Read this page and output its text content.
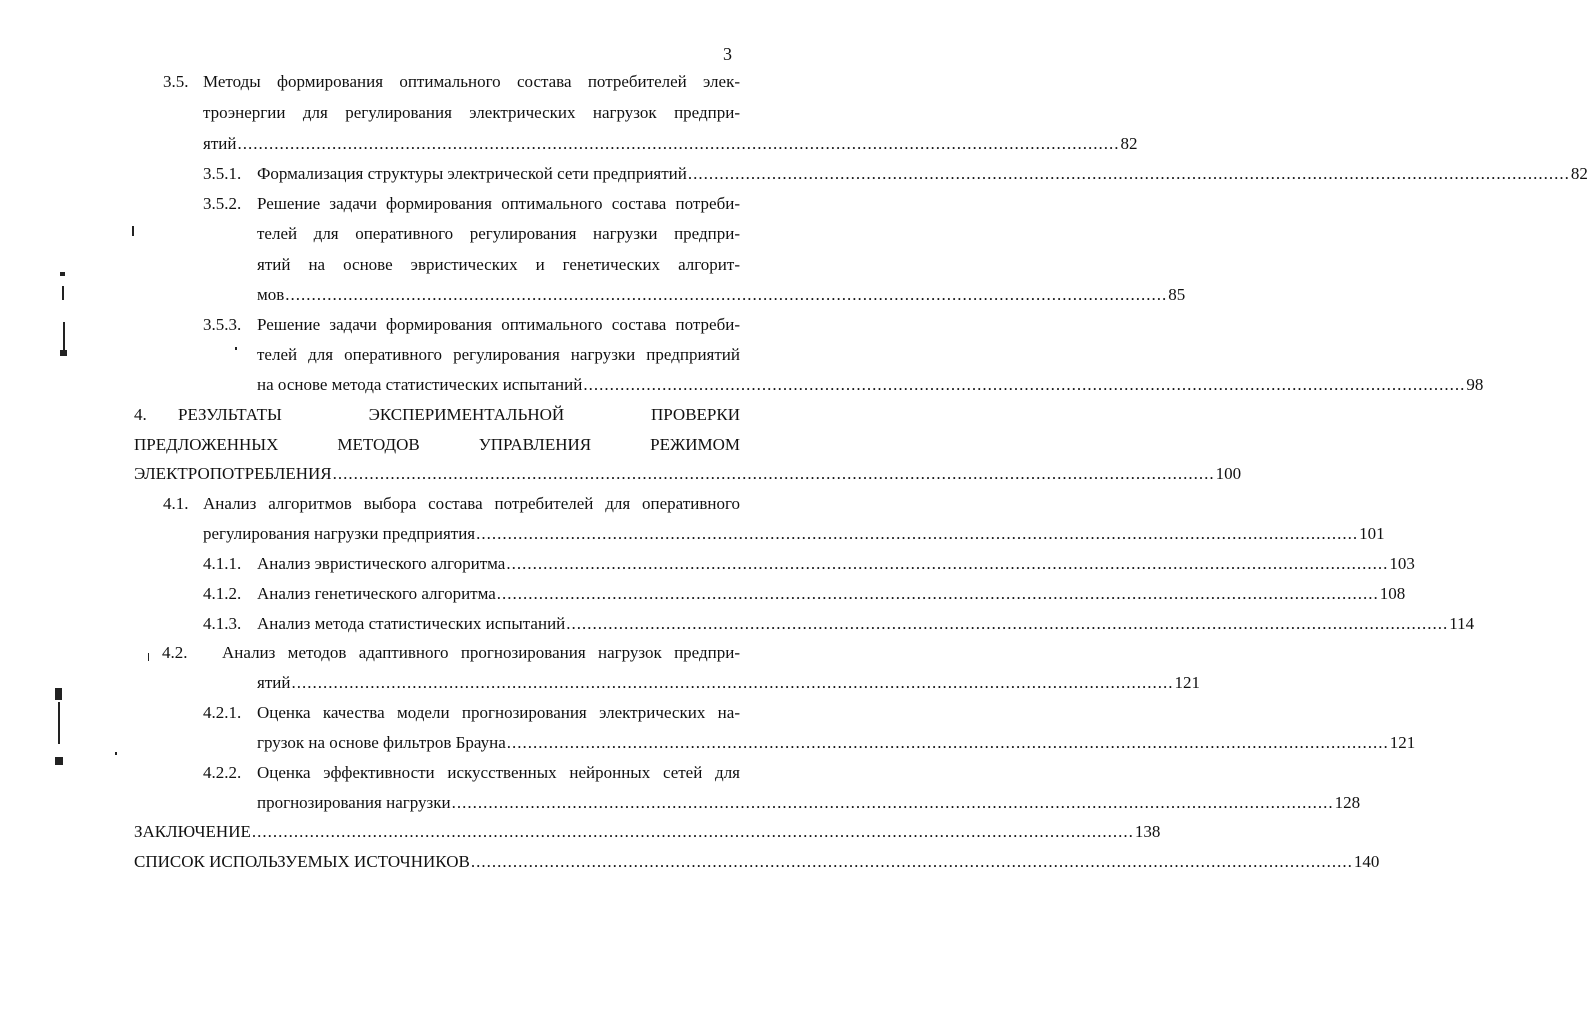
3
3.5. Методы формирования оптимального состава потребителей элек-
троэнергии для регулирования электрических нагрузок предпри-
ятий ........................................................................................................................................................................ 82
3.5.1. Формализация структуры электрической сети предприятий ........................................................................................................................................................................ 82
3.5.2. Решение задачи формирования оптимального состава потреби-
телей для оперативного регулирования нагрузки предпри-
ятий на основе эвристических и генетических алгорит-
мов ........................................................................................................................................................................ 85
3.5.3. Решение задачи формирования оптимального состава потреби-
телей для оперативного регулирования нагрузки предприятий
на основе метода статистических испытаний ........................................................................................................................................................................ 98
4. РЕЗУЛЬТАТЫ ЭКСПЕРИМЕНТАЛЬНОЙ ПРОВЕРКИ
ПРЕДЛОЖЕННЫХ МЕТОДОВ УПРАВЛЕНИЯ РЕЖИМОМ
ЭЛЕКТРОПОТРЕБЛЕНИЯ ........................................................................................................................................................................ 100
4.1. Анализ алгоритмов выбора состава потребителей для оперативного
регулирования нагрузки предприятия ........................................................................................................................................................................ 101
4.1.1. Анализ эвристического алгоритма ........................................................................................................................................................................ 103
4.1.2. Анализ генетического алгоритма ........................................................................................................................................................................ 108
4.1.3. Анализ метода статистических испытаний ........................................................................................................................................................................ 114
4.2. Анализ методов адаптивного прогнозирования нагрузок предпри-
ятий ........................................................................................................................................................................ 121
4.2.1. Оценка качества модели прогнозирования электрических на-
грузок на основе фильтров Брауна ........................................................................................................................................................................ 121
4.2.2. Оценка эффективности искусственных нейронных сетей для
прогнозирования нагрузки ........................................................................................................................................................................ 128
ЗАКЛЮЧЕНИЕ ........................................................................................................................................................................ 138
СПИСОК ИСПОЛЬЗУЕМЫХ ИСТОЧНИКОВ ........................................................................................................................................................................ 140
